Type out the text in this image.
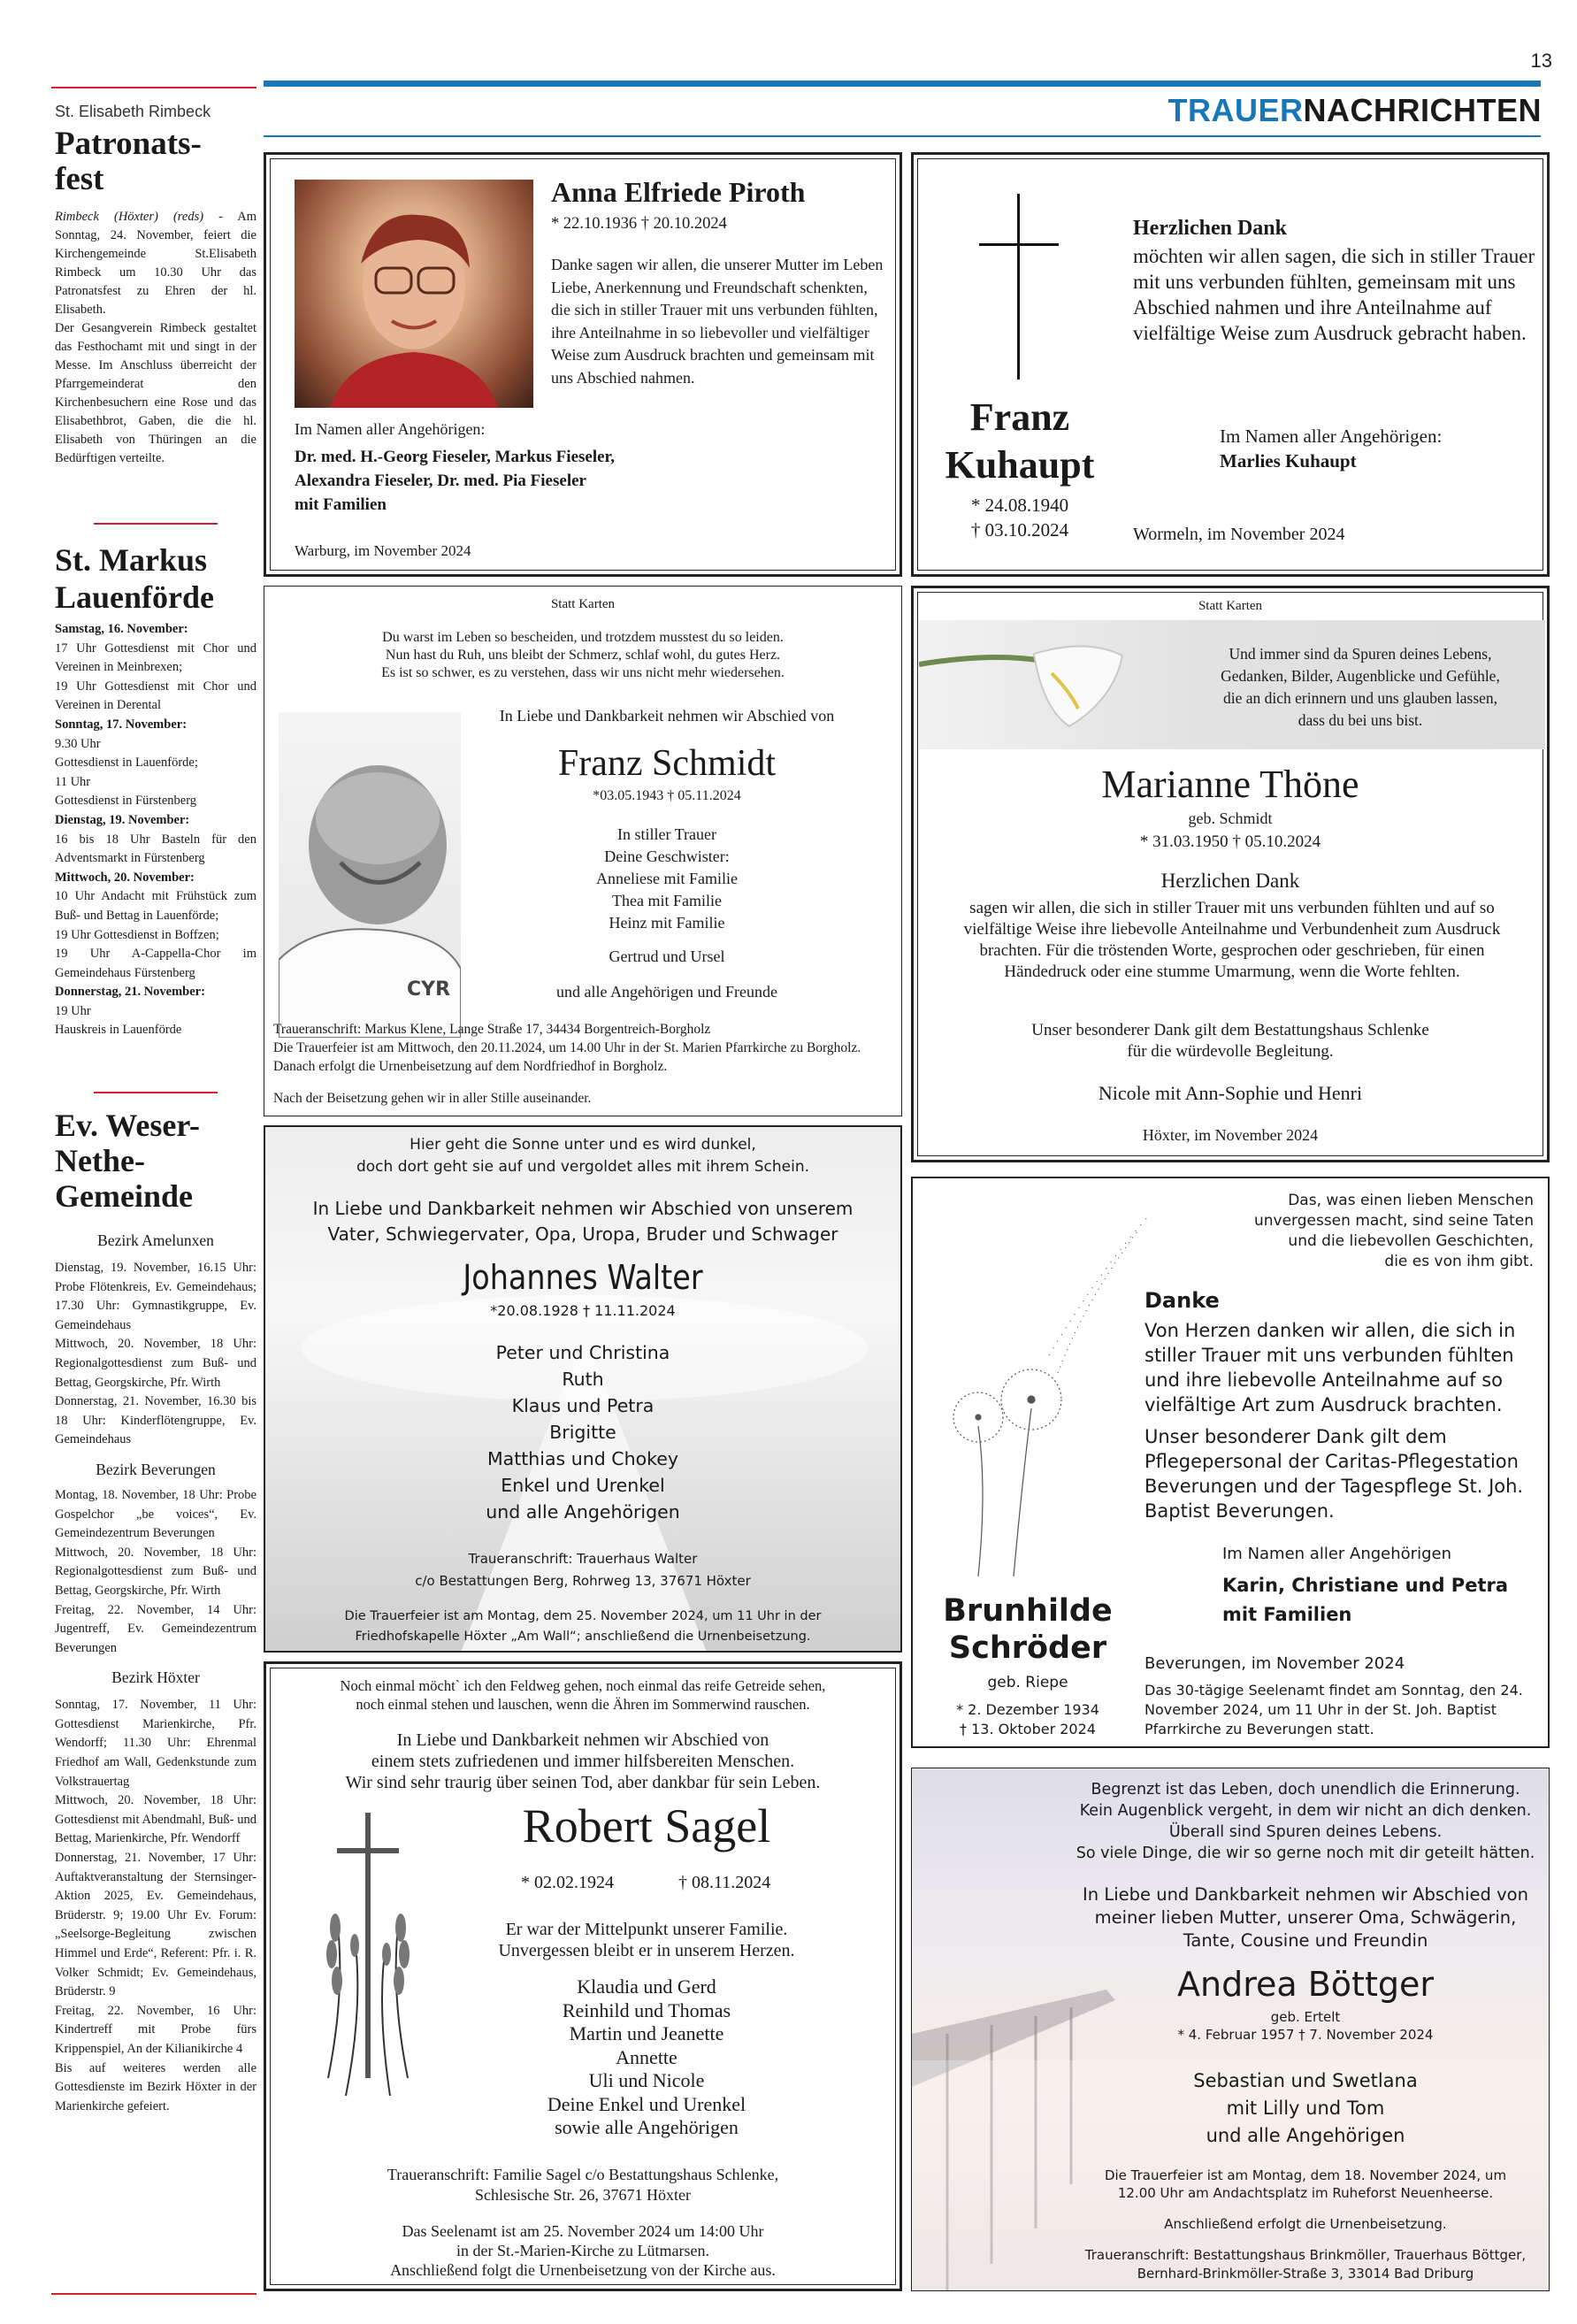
13
TRAUERNACHRICHTEN
St. Elisabeth Rimbeck
Patronats-
fest
Rimbeck (Höxter) (reds) - Am Sonntag, 24. November, feiert die Kirchengemeinde St.Elisabeth Rimbeck um 10.30 Uhr das Patronatsfest zu Ehren der hl. Elisabeth.
Der Gesangverein Rimbeck gestaltet das Festhochamt mit und singt in der Messe. Im Anschluss überreicht der Pfarrgemeinderat den Kirchenbesuchern eine Rose und das Elisabethbrot, Gaben, die die hl. Elisabeth von Thüringen an die Bedürftigen verteilte.
St. Markus
Lauenförde
Samstag, 16. November:
17 Uhr Gottesdienst mit Chor und Vereinen in Meinbrexen;
19 Uhr Gottesdienst mit Chor und Vereinen in Derental
Sonntag, 17. November:
9.30 Uhr
Gottesdienst in Lauenförde;
11 Uhr
Gottesdienst in Fürstenberg
Dienstag, 19. November:
16 bis 18 Uhr Basteln für den Adventsmarkt in Fürstenberg
Mittwoch, 20. November:
10 Uhr Andacht mit Frühstück zum Buß- und Bettag in Lauenförde;
19 Uhr Gottesdienst in Boffzen;
19 Uhr A-Cappella-Chor im Gemeindehaus Fürstenberg
Donnerstag, 21. November:
19 Uhr
Hauskreis in Lauenförde
Ev. Weser-
Nethe-
Gemeinde
Bezirk Amelunxen
Dienstag, 19. November, 16.15 Uhr: Probe Flötenkreis, Ev. Gemeindehaus; 17.30 Uhr: Gymnastikgruppe, Ev. Gemeindehaus
Mittwoch, 20. November, 18 Uhr: Regionalgottesdienst zum Buß- und Bettag, Georgskirche, Pfr. Wirth
Donnerstag, 21. November, 16.30 bis 18 Uhr: Kinderflötengruppe, Ev. Gemeindehaus
Bezirk Beverungen
Montag, 18. November, 18 Uhr: Probe Gospelchor „be voices“, Ev. Gemeindezentrum Beverungen
Mittwoch, 20. November, 18 Uhr: Regionalgottesdienst zum Buß- und Bettag, Georgskirche, Pfr. Wirth
Freitag, 22. November, 14 Uhr: Jugentreff, Ev. Gemeindezentrum Beverungen
Bezirk Höxter
Sonntag, 17. November, 11 Uhr: Gottesdienst Marienkirche, Pfr. Wendorff; 11.30 Uhr: Ehrenmal Friedhof am Wall, Gedenkstunde zum Volkstrauertag
Mittwoch, 20. November, 18 Uhr: Gottesdienst mit Abendmahl, Buß- und Bettag, Marienkirche, Pfr. Wendorff
Donnerstag, 21. November, 17 Uhr: Auftaktveranstaltung der Sternsinger-Aktion 2025, Ev. Gemeindehaus, Brüderstr. 9; 19.00 Uhr Ev. Forum: „Seelsorge-Begleitung zwischen Himmel und Erde“, Referent: Pfr. i. R. Volker Schmidt; Ev. Gemeindehaus, Brüderstr. 9
Freitag, 22. November, 16 Uhr: Kindertreff mit Probe fürs Krippenspiel, An der Kilianikirche 4
Bis auf weiteres werden alle Gottesdienste im Bezirk Höxter in der Marienkirche gefeiert.
Anna Elfriede Piroth
* 22.10.1936 † 20.10.2024
Danke sagen wir allen, die unserer Mutter im Leben Liebe, Anerkennung und Freundschaft schenkten, die sich in stiller Trauer mit uns verbunden fühlten, ihre Anteilnahme in so liebevoller und vielfältiger Weise zum Ausdruck brachten und gemeinsam mit uns Abschied nahmen.
Im Namen aller Angehörigen:
Dr. med. H.-Georg Fieseler, Markus Fieseler,
Alexandra Fieseler, Dr. med. Pia Fieseler
mit Familien
Warburg, im November 2024
Franz
Kuhaupt
* 24.08.1940
† 03.10.2024
Herzlichen Dank
möchten wir allen sagen, die sich in stiller Trauer mit uns verbunden fühlten, gemeinsam mit uns Abschied nahmen und ihre Anteilnahme auf vielfältige Weise zum Ausdruck gebracht haben.
Im Namen aller Angehörigen:
Marlies Kuhaupt
Wormeln, im November 2024
Statt Karten
Du warst im Leben so bescheiden, und trotzdem musstest du so leiden.
Nun hast du Ruh, uns bleibt der Schmerz, schlaf wohl, du gutes Herz.
Es ist so schwer, es zu verstehen, dass wir uns nicht mehr wiedersehen.
In Liebe und Dankbarkeit nehmen wir Abschied von
CYR
Franz Schmidt
*03.05.1943 † 05.11.2024
In stiller Trauer
Deine Geschwister:
Anneliese mit Familie
Thea mit Familie
Heinz mit Familie
Gertrud und Ursel
und alle Angehörigen und Freunde
Traueranschrift: Markus Klene, Lange Straße 17, 34434 Borgentreich-Borgholz
Die Trauerfeier ist am Mittwoch, den 20.11.2024, um 14.00 Uhr in der St. Marien Pfarrkirche zu Borgholz. Danach erfolgt die Urnenbeisetzung auf dem Nordfriedhof in Borgholz.
Nach der Beisetzung gehen wir in aller Stille auseinander.
Statt Karten
Und immer sind da Spuren deines Lebens,
Gedanken, Bilder, Augenblicke und Gefühle,
die an dich erinnern und uns glauben lassen,
dass du bei uns bist.
Marianne Thöne
geb. Schmidt
* 31.03.1950 † 05.10.2024
Herzlichen Dank
sagen wir allen, die sich in stiller Trauer mit uns verbunden fühlten und auf so vielfältige Weise ihre liebevolle Anteilnahme und Verbundenheit zum Ausdruck brachten. Für die tröstenden Worte, gesprochen oder geschrieben, für einen Händedruck oder eine stumme Umarmung, wenn die Worte fehlten.
Unser besonderer Dank gilt dem Bestattungshaus Schlenke
für die würdevolle Begleitung.
Nicole mit Ann-Sophie und Henri
Höxter, im November 2024
Hier geht die Sonne unter und es wird dunkel,
doch dort geht sie auf und vergoldet alles mit ihrem Schein.
In Liebe und Dankbarkeit nehmen wir Abschied von unserem
Vater, Schwiegervater, Opa, Uropa, Bruder und Schwager
Johannes Walter
*20.08.1928 † 11.11.2024
Peter und Christina
Ruth
Klaus und Petra
Brigitte
Matthias und Chokey
Enkel und Urenkel
und alle Angehörigen
Traueranschrift: Trauerhaus Walter
c/o Bestattungen Berg, Rohrweg 13, 37671 Höxter
Die Trauerfeier ist am Montag, dem 25. November 2024, um 11 Uhr in der
Friedhofskapelle Höxter „Am Wall“; anschließend die Urnenbeisetzung.
Das, was einen lieben Menschen
unvergessen macht, sind seine Taten
und die liebevollen Geschichten,
die es von ihm gibt.
Danke
Von Herzen danken wir allen, die sich in stiller Trauer mit uns verbunden fühlten und ihre liebevolle Anteilnahme auf so vielfältige Art zum Ausdruck brachten.
Unser besonderer Dank gilt dem Pflegepersonal der Caritas-Pflegestation Beverungen und der Tagespflege St. Joh. Baptist Beverungen.
Im Namen aller Angehörigen
Karin, Christiane und Petra
mit Familien
Brunhilde
Schröder
geb. Riepe
* 2. Dezember 1934
† 13. Oktober 2024
Beverungen, im November 2024
Das 30-tägige Seelenamt findet am Sonntag, den 24. November 2024, um 11 Uhr in der St. Joh. Baptist Pfarrkirche zu Beverungen statt.
Noch einmal möcht` ich den Feldweg gehen, noch einmal das reife Getreide sehen,
noch einmal stehen und lauschen, wenn die Ähren im Sommerwind rauschen.
In Liebe und Dankbarkeit nehmen wir Abschied von
einem stets zufriedenen und immer hilfsbereiten Menschen.
Wir sind sehr traurig über seinen Tod, aber dankbar für sein Leben.
Robert Sagel
* 02.02.1924	† 08.11.2024
Er war der Mittelpunkt unserer Familie.
Unvergessen bleibt er in unserem Herzen.
Klaudia und Gerd
Reinhild und Thomas
Martin und Jeanette
Annette
Uli und Nicole
Deine Enkel und Urenkel
sowie alle Angehörigen
Traueranschrift: Familie Sagel c/o Bestattungshaus Schlenke,
Schlesische Str. 26, 37671 Höxter
Das Seelenamt ist am 25. November 2024 um 14:00 Uhr
in der St.-Marien-Kirche zu Lütmarsen.
Anschließend folgt die Urnenbeisetzung von der Kirche aus.
Begrenzt ist das Leben, doch unendlich die Erinnerung.
Kein Augenblick vergeht, in dem wir nicht an dich denken.
Überall sind Spuren deines Lebens.
So viele Dinge, die wir so gerne noch mit dir geteilt hätten.
In Liebe und Dankbarkeit nehmen wir Abschied von
meiner lieben Mutter, unserer Oma, Schwägerin,
Tante, Cousine und Freundin
Andrea Böttger
geb. Ertelt
* 4. Februar 1957 † 7. November 2024
Sebastian und Swetlana
mit Lilly und Tom
und alle Angehörigen
Die Trauerfeier ist am Montag, dem 18. November 2024, um
12.00 Uhr am Andachtsplatz im Ruheforst Neuenheerse.
Anschließend erfolgt die Urnenbeisetzung.
Traueranschrift: Bestattungshaus Brinkmöller, Trauerhaus Böttger,
Bernhard-Brinkmöller-Straße 3, 33014 Bad Driburg
